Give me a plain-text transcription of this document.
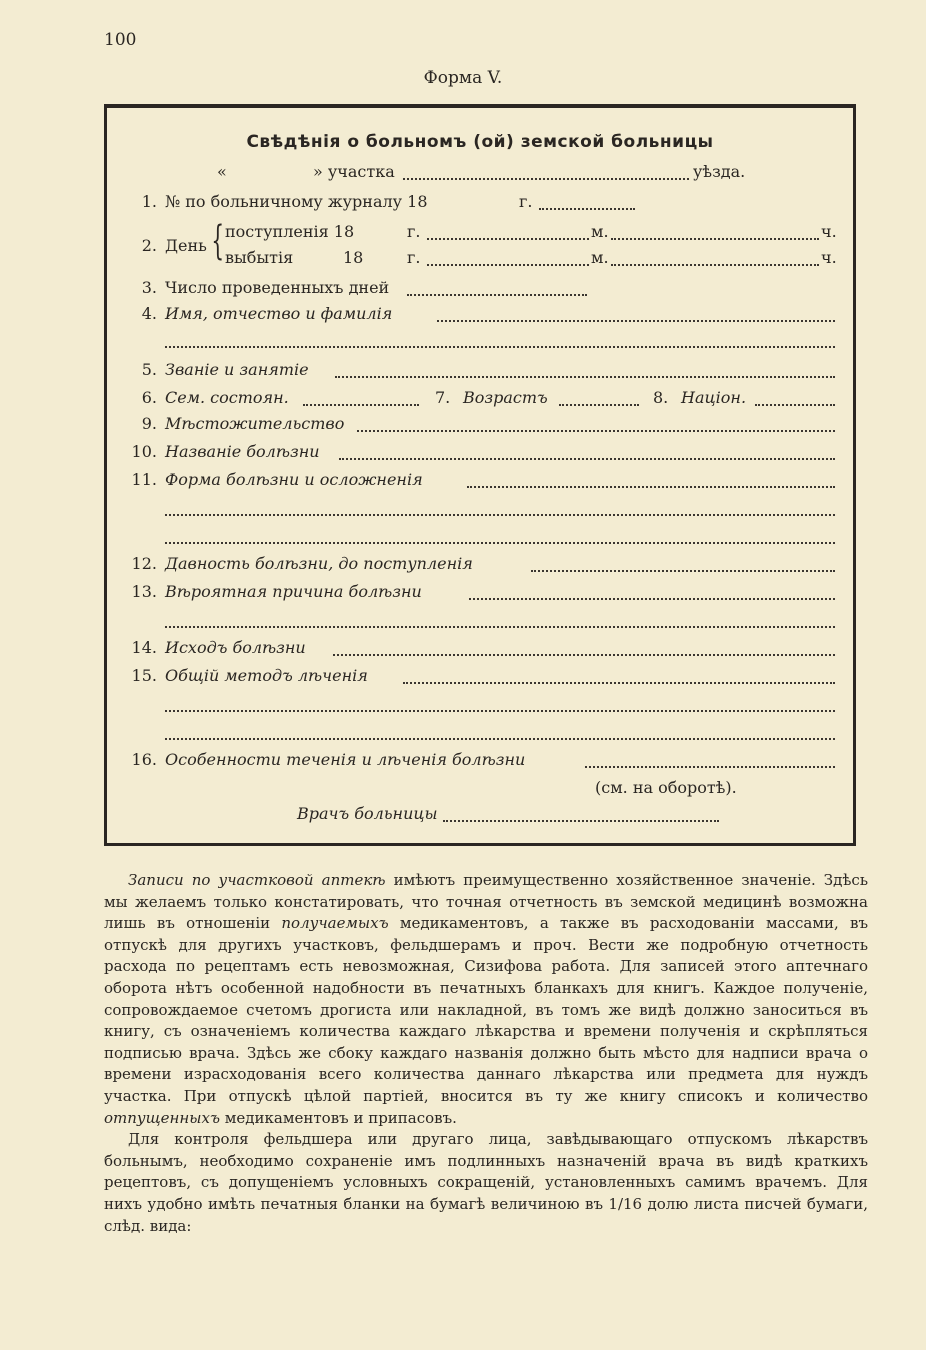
100
Форма V.
Свѣдѣнія о больномъ (ой) земской больницы
«	» участка	уѣзда.
1. № по больничному журналу 18	г.
2. День { поступленія 18	г.	м.	ч.
выбытія	18	г.	м.	ч.
3. Число проведенныхъ дней
4. Имя, отчество и фамилія
5. Званіе и занятіе
6. Сем. состоян.	7. Возрастъ	8. Націон.
9. Мѣстожительство
10. Названіе болѣзни
11. Форма болѣзни и осложненія
12. Давность болѣзни, до поступленія
13. Вѣроятная причина болѣзни
14. Исходъ болѣзни
15. Общій методъ лѣченія
16. Особенности теченія и лѣченія болѣзни
(см. на оборотѣ).
Врачъ больницы

Записи по участковой аптекѣ имѣютъ преимущественно хозяйственное значеніе. Здѣсь мы желаемъ только констатировать, что точная отчетность въ земской медицинѣ возможна лишь въ отношеніи получаемыхъ медикаментовъ, а также въ расходованіи массами, въ отпускѣ для другихъ участковъ, фельдшерамъ и проч. Вести же подробную отчетность расхода по рецептамъ есть невозможная, Сизифова работа. Для записей этого аптечнаго оборота нѣтъ особенной надобности въ печатныхъ бланкахъ для книгъ. Каждое полученіе, сопровождаемое счетомъ дрогиста или накладной, въ томъ же видѣ должно заноситься въ книгу, съ означеніемъ количества каждаго лѣкарства и времени полученія и скрѣпляться подписью врача. Здѣсь же сбоку каждаго названія должно быть мѣсто для надписи врача о времени израсходованія всего количества даннаго лѣкарства или предмета для нуждъ участка. При отпускѣ цѣлой партіей, вносится въ ту же книгу списокъ и количество отпущенныхъ медикаментовъ и припасовъ.

Для контроля фельдшера или другаго лица, завѣдывающаго отпускомъ лѣкарствъ больнымъ, необходимо сохраненіе имъ подлинныхъ назначеній врача въ видѣ краткихъ рецептовъ, съ допущеніемъ условныхъ сокращеній, установленныхъ самимъ врачемъ. Для нихъ удобно имѣть печатныя бланки на бумагѣ величиною въ 1/16 долю листа писчей бумаги, слѣд. вида:
